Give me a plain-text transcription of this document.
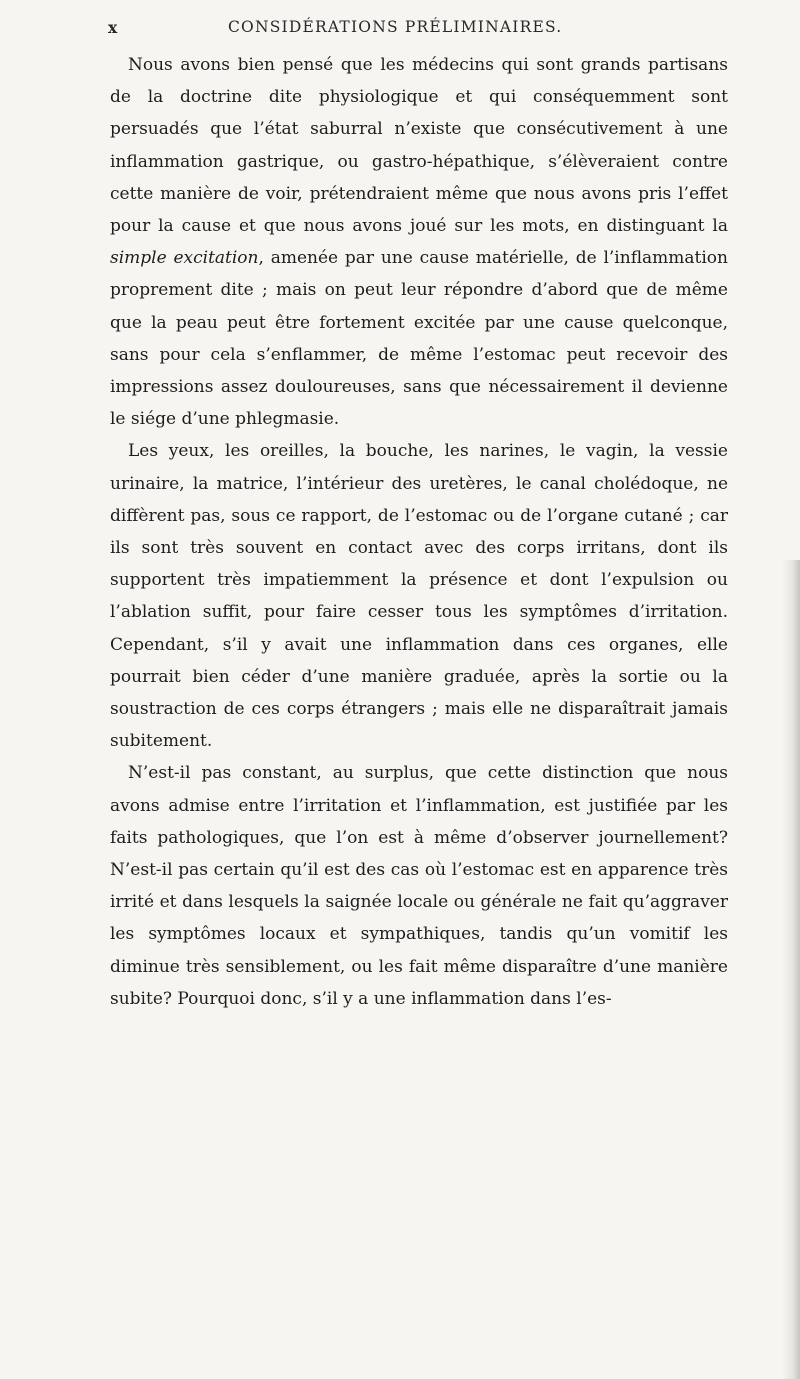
x	CONSIDÉRATIONS PRÉLIMINAIRES.

Nous avons bien pensé que les médecins qui sont grands partisans de la doctrine dite physiologique et qui conséquemment sont persuadés que l’état saburral n’existe que consécutivement à une inflammation gastrique, ou gastro-hépathique, s’élèveraient contre cette manière de voir, prétendraient même que nous avons pris l’effet pour la cause et que nous avons joué sur les mots, en distinguant la simple excitation, amenée par une cause matérielle, de l’inflammation proprement dite ; mais on peut leur répondre d’abord que de même que la peau peut être fortement excitée par une cause quelconque, sans pour cela s’enflammer, de même l’estomac peut recevoir des impressions assez douloureuses, sans que nécessairement il devienne le siége d’une phlegmasie.

Les yeux, les oreilles, la bouche, les narines, le vagin, la vessie urinaire, la matrice, l’intérieur des uretères, le canal cholédoque, ne diffèrent pas, sous ce rapport, de l’estomac ou de l’organe cutané ; car ils sont très souvent en contact avec des corps irritans, dont ils supportent très impatiemment la présence et dont l’expulsion ou l’ablation suffit, pour faire cesser tous les symptômes d’irritation. Cependant, s’il y avait une inflammation dans ces organes, elle pourrait bien céder d’une manière graduée, après la sortie ou la soustraction de ces corps étrangers ; mais elle ne disparaîtrait jamais subitement.

N’est-il pas constant, au surplus, que cette distinction que nous avons admise entre l’irritation et l’inflammation, est justifiée par les faits pathologiques, que l’on est à même d’observer journellement? N’est-il pas certain qu’il est des cas où l’estomac est en apparence très irrité et dans lesquels la saignée locale ou générale ne fait qu’aggraver les symptômes locaux et sympathiques, tandis qu’un vomitif les diminue très sensiblement, ou les fait même disparaître d’une manière subite? Pourquoi donc, s’il y a une inflammation dans l’es-
